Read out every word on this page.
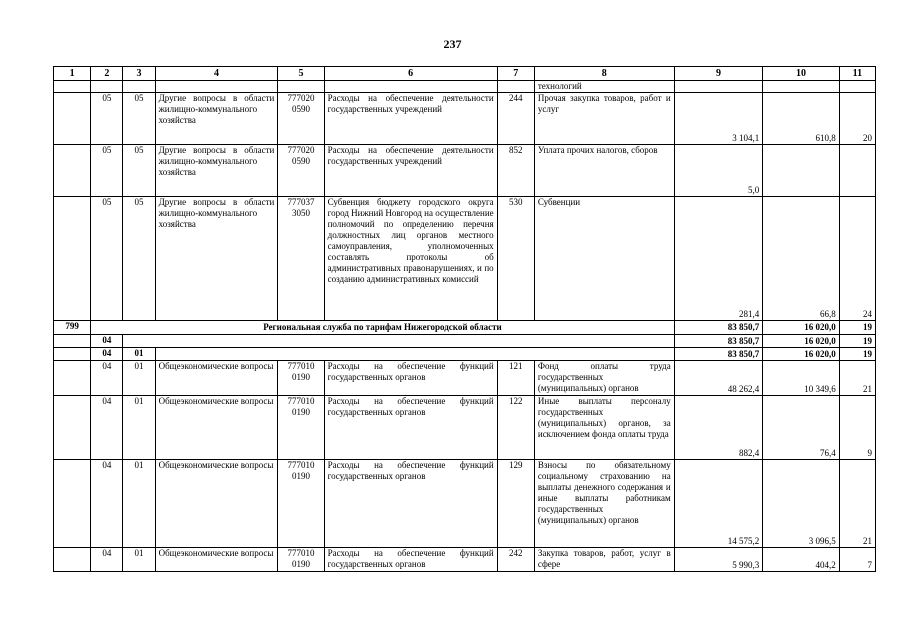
237
1	2	3	4	5	6	7	8	9	10	11
							технологий			
	05	05	Другие вопросы в области жилищно-коммунального хозяйства	777020 0590	Расходы на обеспечение деятельности государственных учреждений	244	Прочая закупка товаров, работ и услуг	3 104,1	610,8	20
	05	05	Другие вопросы в области жилищно-коммунального хозяйства	777020 0590	Расходы на обеспечение деятельности государственных учреждений	852	Уплата прочих налогов, сборов	5,0		
	05	05	Другие вопросы в области жилищно-коммунального хозяйства	777037 3050	Субвенция бюджету городского округа город Нижний Новгород на осуществление полномочий по определению перечня должностных лиц органов местного самоуправления, уполномоченных составлять протоколы об административных правонарушениях, и по созданию административных комиссий	530	Субвенции	281,4	66,8	24
799	Региональная служба по тарифам Нижегородской области							83 850,7	16 020,0	19
	04							83 850,7	16 020,0	19
	04	01						83 850,7	16 020,0	19
	04	01	Общеэкономические вопросы	777010 0190	Расходы на обеспечение функций государственных органов	121	Фонд оплаты труда государственных (муниципальных) органов	48 262,4	10 349,6	21
	04	01	Общеэкономические вопросы	777010 0190	Расходы на обеспечение функций государственных органов	122	Иные выплаты персоналу государственных (муниципальных) органов, за исключением фонда оплаты труда	882,4	76,4	9
	04	01	Общеэкономические вопросы	777010 0190	Расходы на обеспечение функций государственных органов	129	Взносы по обязательному социальному страхованию на выплаты денежного содержания и иные выплаты работникам государственных (муниципальных) органов	14 575,2	3 096,5	21
	04	01	Общеэкономические вопросы	777010 0190	Расходы на обеспечение функций государственных органов	242	Закупка товаров, работ, услуг в сфере	5 990,3	404,2	7
